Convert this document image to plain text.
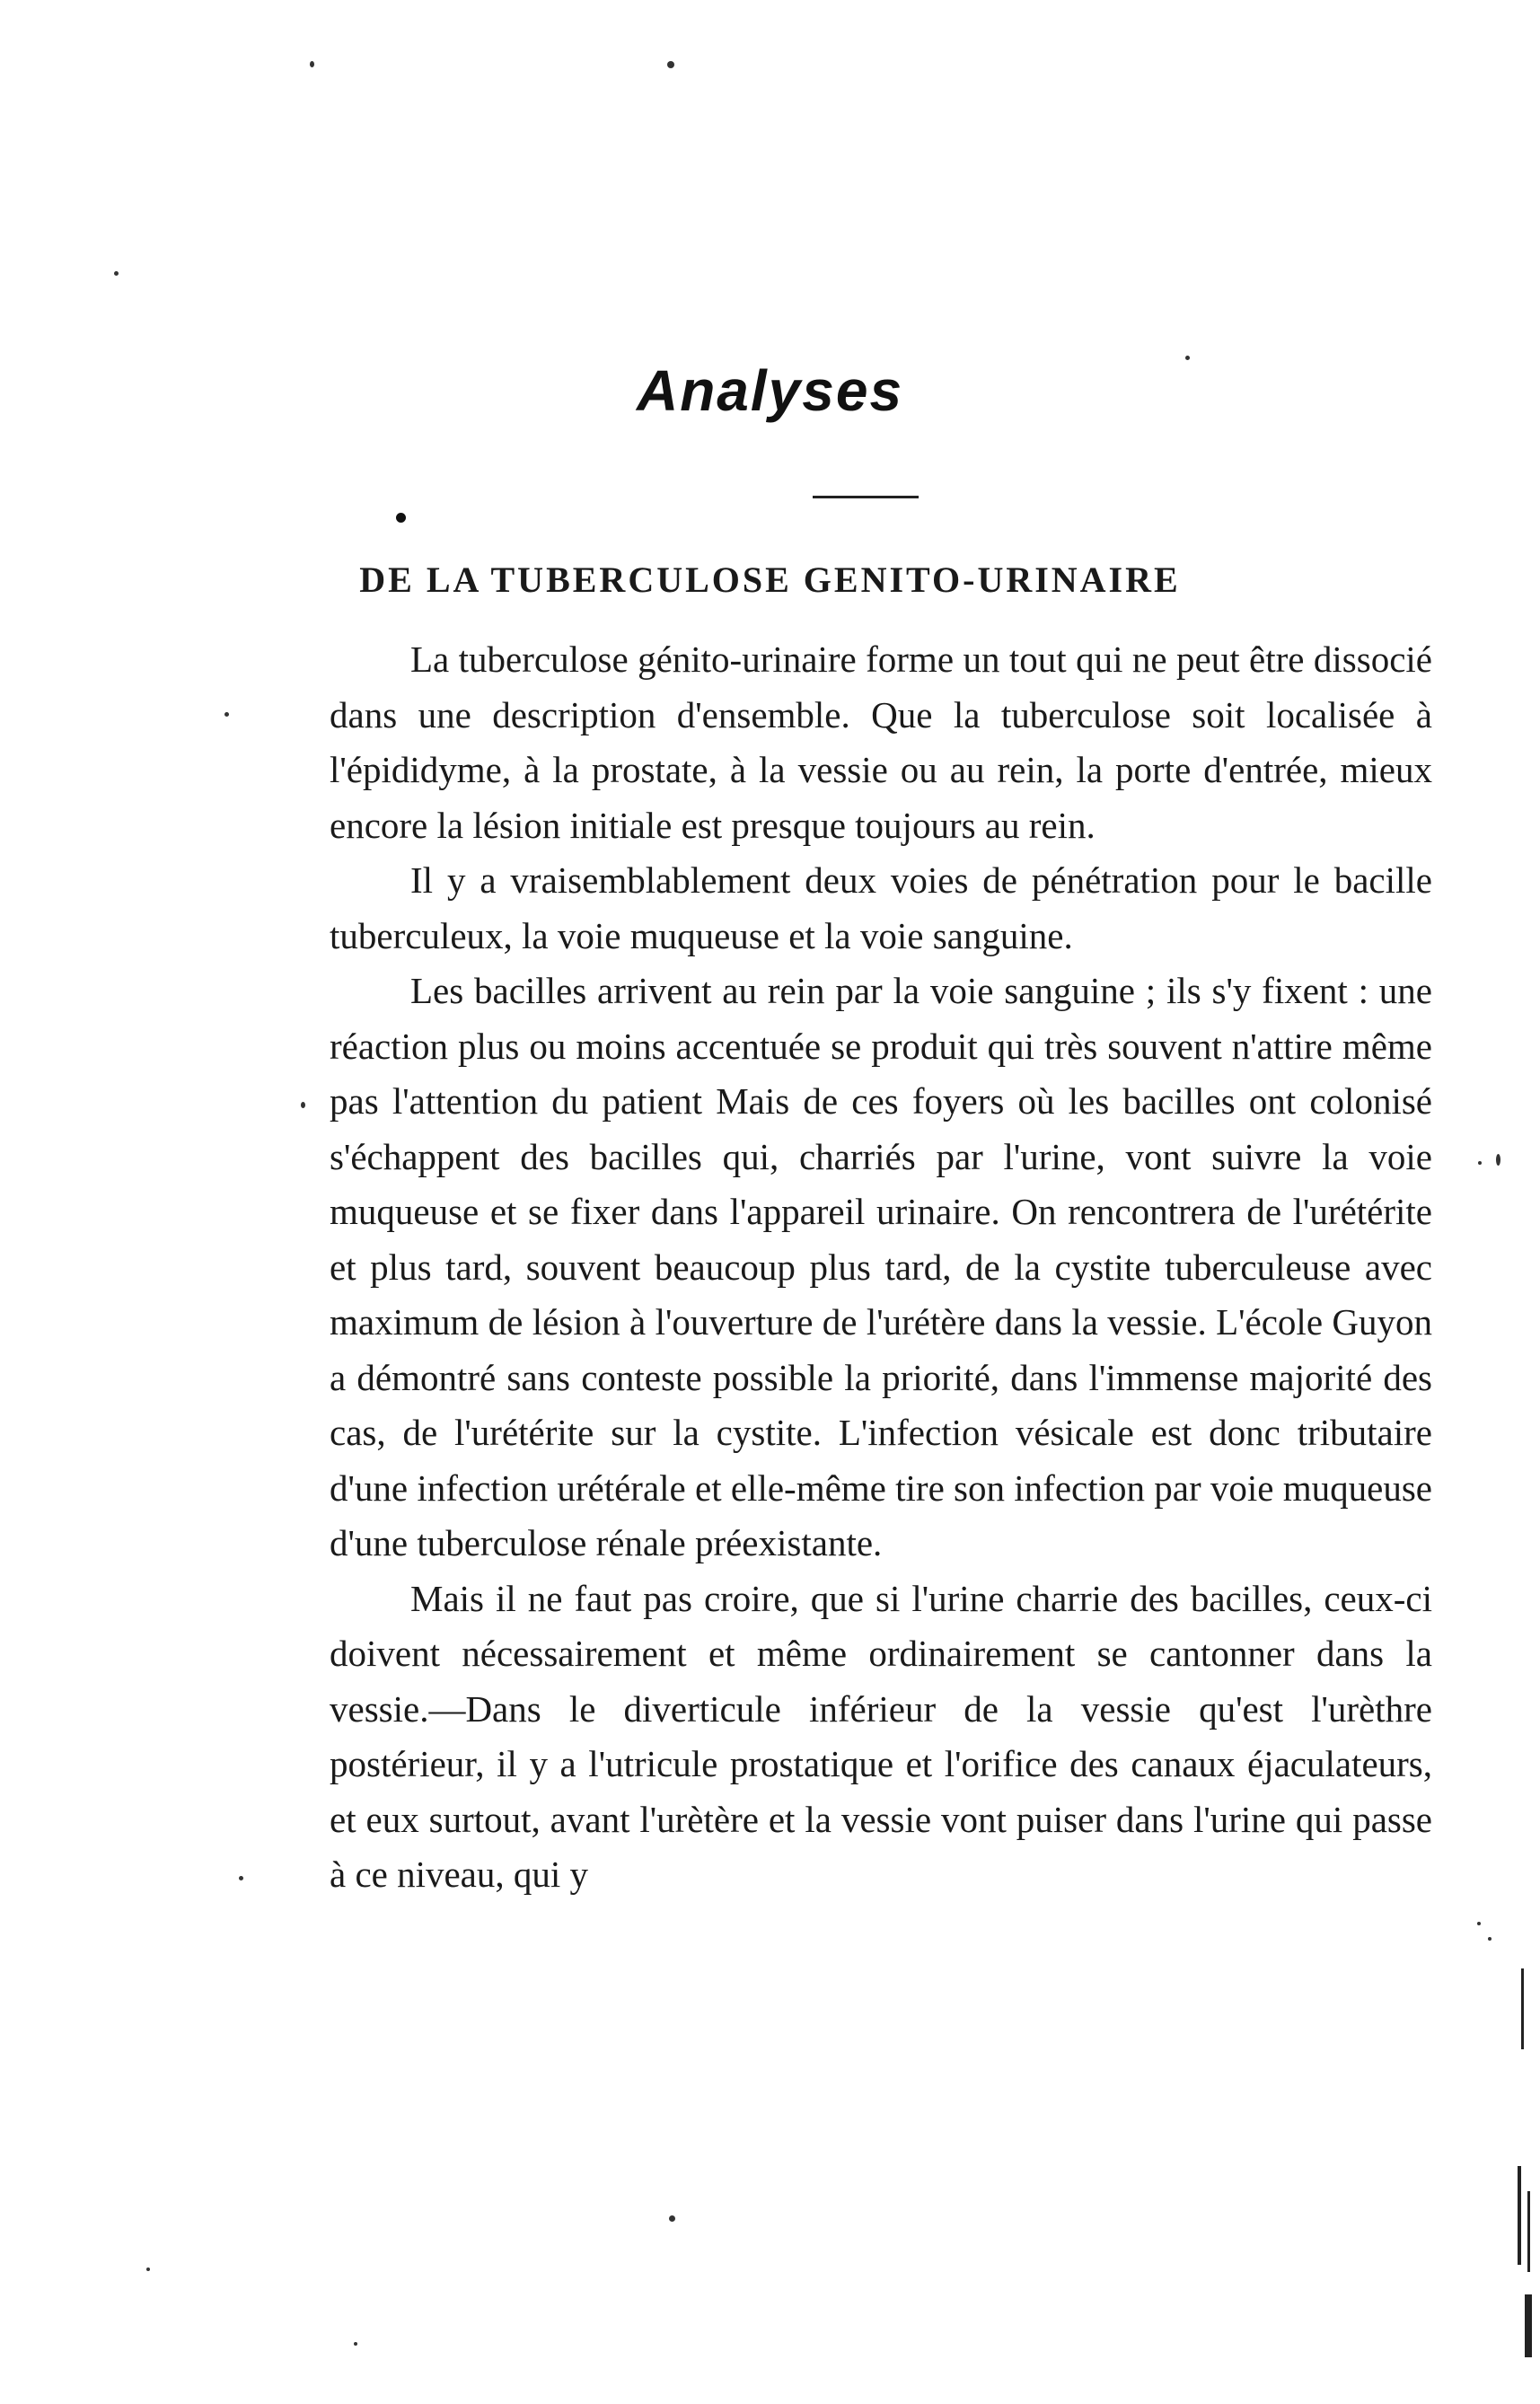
Analyses
DE LA TUBERCULOSE GENITO-URINAIRE

La tuberculose génito-urinaire forme un tout qui ne peut être dissocié dans une description d'ensemble. Que la tuberculose soit localisée à l'épididyme, à la prostate, à la vessie ou au rein, la porte d'entrée, mieux encore la lésion initiale est presque toujours au rein.

Il y a vraisemblablement deux voies de pénétration pour le bacille tuberculeux, la voie muqueuse et la voie sanguine.

Les bacilles arrivent au rein par la voie sanguine ; ils s'y fixent : une réaction plus ou moins accentuée se produit qui très souvent n'attire même pas l'attention du patient Mais de ces foyers où les bacilles ont colonisé s'échappent des bacilles qui, charriés par l'urine, vont suivre la voie muqueuse et se fixer dans l'appareil urinaire. On rencontrera de l'urétérite et plus tard, souvent beaucoup plus tard, de la cystite tuberculeuse avec maximum de lésion à l'ouverture de l'urétère dans la vessie. L'école Guyon a démontré sans conteste possible la priorité, dans l'immense majorité des cas, de l'urétérite sur la cystite. L'infection vésicale est donc tributaire d'une infection urétérale et elle-même tire son infection par voie muqueuse d'une tuberculose rénale préexistante.

Mais il ne faut pas croire, que si l'urine charrie des bacilles, ceux-ci doivent nécessairement et même ordinairement se cantonner dans la vessie.—Dans le diverticule inférieur de la vessie qu'est l'urèthre postérieur, il y a l'utricule prostatique et l'orifice des canaux éjaculateurs, et eux surtout, avant l'urètère et la vessie vont puiser dans l'urine qui passe à ce niveau, qui y
